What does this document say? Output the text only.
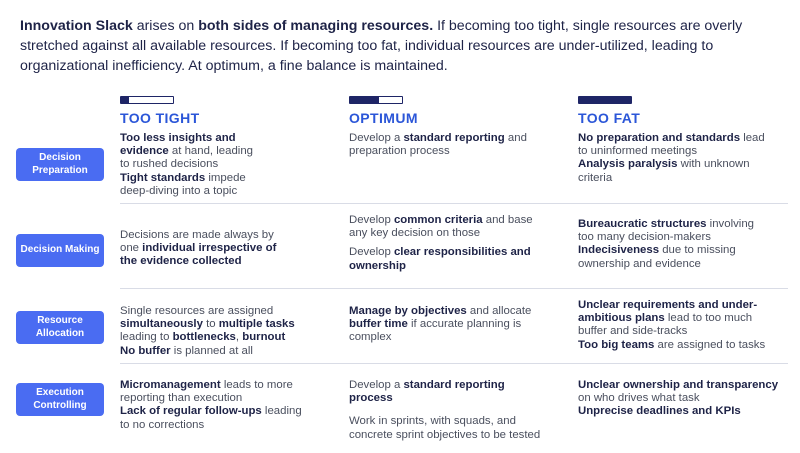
Innovation Slack arises on both sides of managing resources. If becoming too tight, single resources are overly stretched against all available resources. If becoming too fat, individual resources are under-utilized, leading to organizational inefficiency. At optimum, a fine balance is maintained.
TOO TIGHT	OPTIMUM	TOO FAT
Decision Preparation
Decision Making
Resource Allocation
Execution Controlling

Too less insights and evidence at hand, leading to rushed decisions

Tight standards impede deep-diving into a topic

Develop a standard reporting and preparation process

No preparation and standards lead to uninformed meetings

Analysis paralysis with unknown criteria

Decisions are made always by one individual irrespective of the evidence collected

Develop common criteria and base any key decision on those

Develop clear responsibilities and ownership

Bureaucratic structures involving too many decision-makers

Indecisiveness due to missing ownership and evidence

Single resources are assigned simultaneously to multiple tasks leading to bottlenecks, burnout

No buffer is planned at all

Manage by objectives and allocate buffer time if accurate planning is complex

Unclear requirements and under-ambitious plans lead to too much buffer and side-tracks

Too big teams are assigned to tasks

Micromanagement leads to more reporting than execution

Lack of regular follow-ups leading to no corrections

Develop a standard reporting process

Work in sprints, with squads, and concrete sprint objectives to be tested

Unclear ownership and transparency on who drives what task

Unprecise deadlines and KPIs
